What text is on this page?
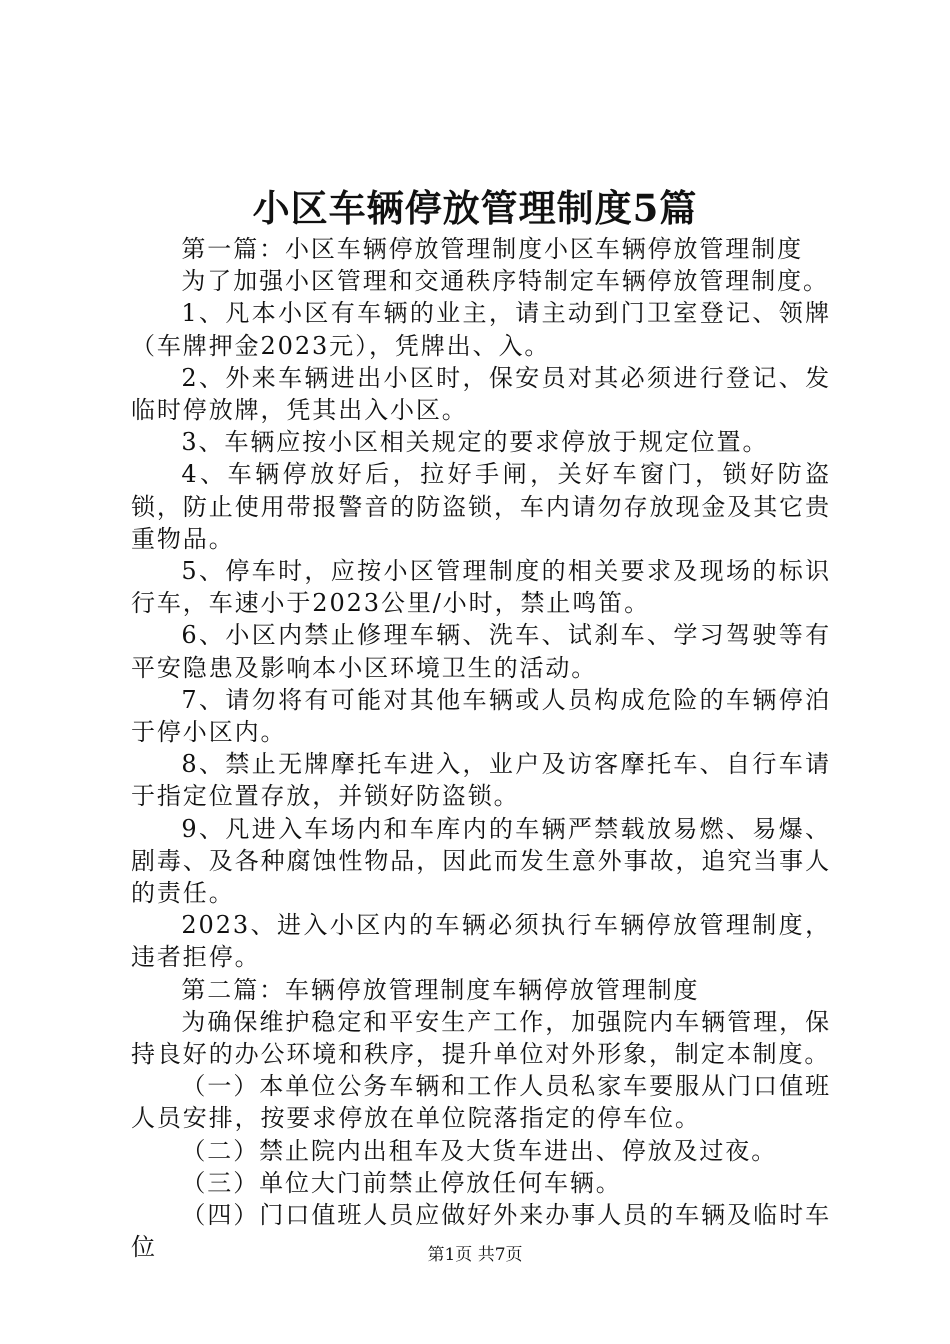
小区车辆停放管理制度5篇

第一篇：小区车辆停放管理制度小区车辆停放管理制度

为了加强小区管理和交通秩序特制定车辆停放管理制度。

1、凡本小区有车辆的业主，请主动到门卫室登记、领牌（车牌押金2023元），凭牌出、入。

2、外来车辆进出小区时，保安员对其必须进行登记、发临时停放牌，凭其出入小区。

3、车辆应按小区相关规定的要求停放于规定位置。

4、车辆停放好后，拉好手闸，关好车窗门，锁好防盗锁，防止使用带报警音的防盗锁，车内请勿存放现金及其它贵重物品。

5、停车时，应按小区管理制度的相关要求及现场的标识行车，车速小于2023公里/小时，禁止鸣笛。

6、小区内禁止修理车辆、洗车、试刹车、学习驾驶等有平安隐患及影响本小区环境卫生的活动。

7、请勿将有可能对其他车辆或人员构成危险的车辆停泊于停小区内。

8、禁止无牌摩托车进入，业户及访客摩托车、自行车请于指定位置存放，并锁好防盗锁。

9、凡进入车场内和车库内的车辆严禁载放易燃、易爆、剧毒、及各种腐蚀性物品，因此而发生意外事故，追究当事人的责任。

2023、进入小区内的车辆必须执行车辆停放管理制度，违者拒停。

第二篇：车辆停放管理制度车辆停放管理制度

为确保维护稳定和平安生产工作，加强院内车辆管理，保持良好的办公环境和秩序，提升单位对外形象，制定本制度。

（一）本单位公务车辆和工作人员私家车要服从门口值班人员安排，按要求停放在单位院落指定的停车位。

（二）禁止院内出租车及大货车进出、停放及过夜。

（三）单位大门前禁止停放任何车辆。

（四）门口值班人员应做好外来办事人员的车辆及临时车位	第1页 共7页
